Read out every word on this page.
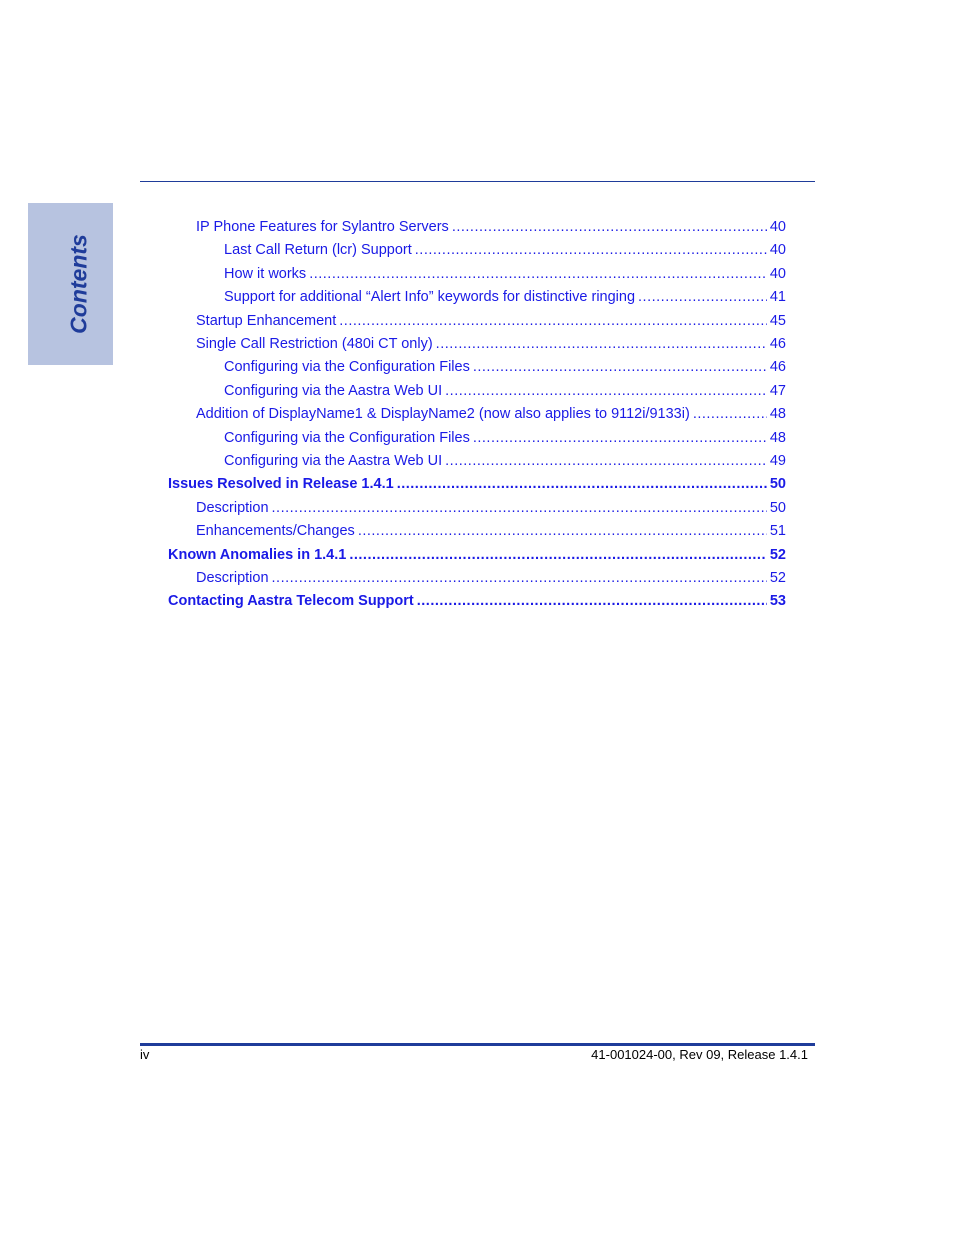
Contents
IP Phone Features for Sylantro Servers .....	40
Last Call Return (lcr) Support .....	40
How it works .....	40
Support for additional “Alert Info” keywords for distinctive ringing .....	41
Startup Enhancement .....	45
Single Call Restriction (480i CT only) .....	46
Configuring via the Configuration Files .....	46
Configuring via the Aastra Web UI .....	47
Addition of DisplayName1 & DisplayName2 (now also applies to 9112i/9133i) .....	48
Configuring via the Configuration Files .....	48
Configuring via the Aastra Web UI .....	49
Issues Resolved in Release 1.4.1 .....	50
Description .....	50
Enhancements/Changes .....	51
Known Anomalies in 1.4.1 .....	52
Description .....	52
Contacting Aastra Telecom Support .....	53
iv	41-001024-00, Rev 09, Release 1.4.1
